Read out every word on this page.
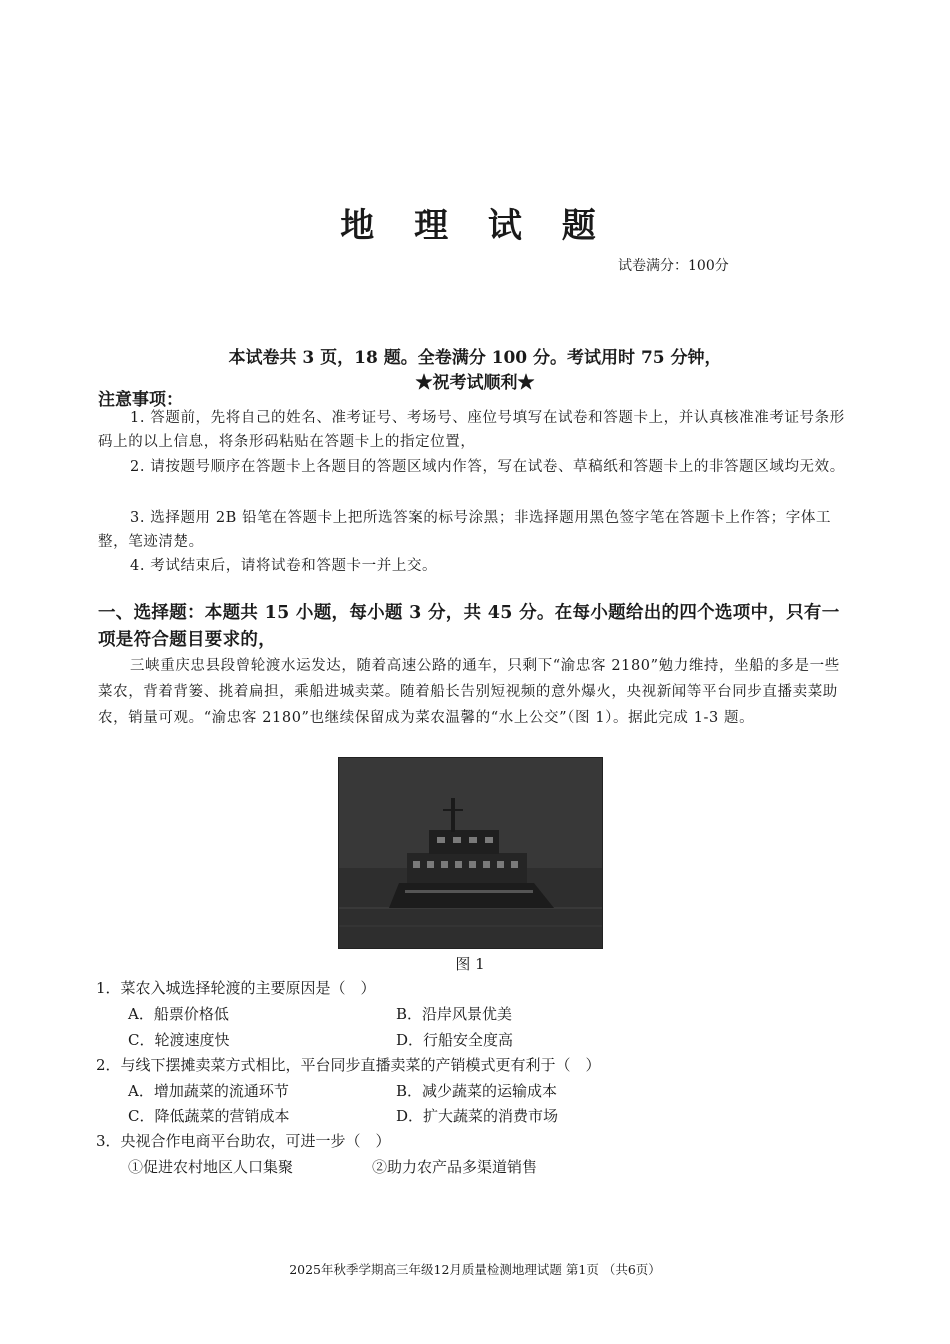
地 理 试 题
试卷满分：100分
本试卷共 3 页，18 题。全卷满分 100 分。考试用时 75 分钟，
★祝考试顺利★
注意事项：
1. 答题前，先将自己的姓名、准考证号、考场号、座位号填写在试卷和答题卡上，并认真核准准考证号条形码上的以上信息，将条形码粘贴在答题卡上的指定位置，
2. 请按题号顺序在答题卡上各题目的答题区域内作答，写在试卷、草稿纸和答题卡上的非答题区域均无效。
3. 选择题用 2B 铅笔在答题卡上把所选答案的标号涂黑；非选择题用黑色签字笔在答题卡上作答；字体工整，笔迹清楚。
4. 考试结束后，请将试卷和答题卡一并上交。
一、选择题：本题共 15 小题，每小题 3 分，共 45 分。在每小题给出的四个选项中，只有一项是符合题目要求的，
三峡重庆忠县段曾轮渡水运发达，随着高速公路的通车，只剩下“渝忠客 2180”勉力维持，坐船的多是一些菜农，背着背篓、挑着扁担，乘船进城卖菜。随着船长告别短视频的意外爆火，央视新闻等平台同步直播卖菜助农，销量可观。“渝忠客 2180”也继续保留成为菜农温馨的“水上公交”（图 1）。据此完成 1-3 题。
图 1
1．菜农入城选择轮渡的主要原因是（　）
A．船票价格低	B．沿岸风景优美
C．轮渡速度快	D．行船安全度高
2．与线下摆摊卖菜方式相比，平台同步直播卖菜的产销模式更有利于（　）
A．增加蔬菜的流通环节	B．减少蔬菜的运输成本
C．降低蔬菜的营销成本	D．扩大蔬菜的消费市场
3．央视合作电商平台助农，可进一步（　）
①促进农村地区人口集聚	②助力农产品多渠道销售
2025年秋季学期高三年级12月质量检测地理试题 第1页 （共6页）
